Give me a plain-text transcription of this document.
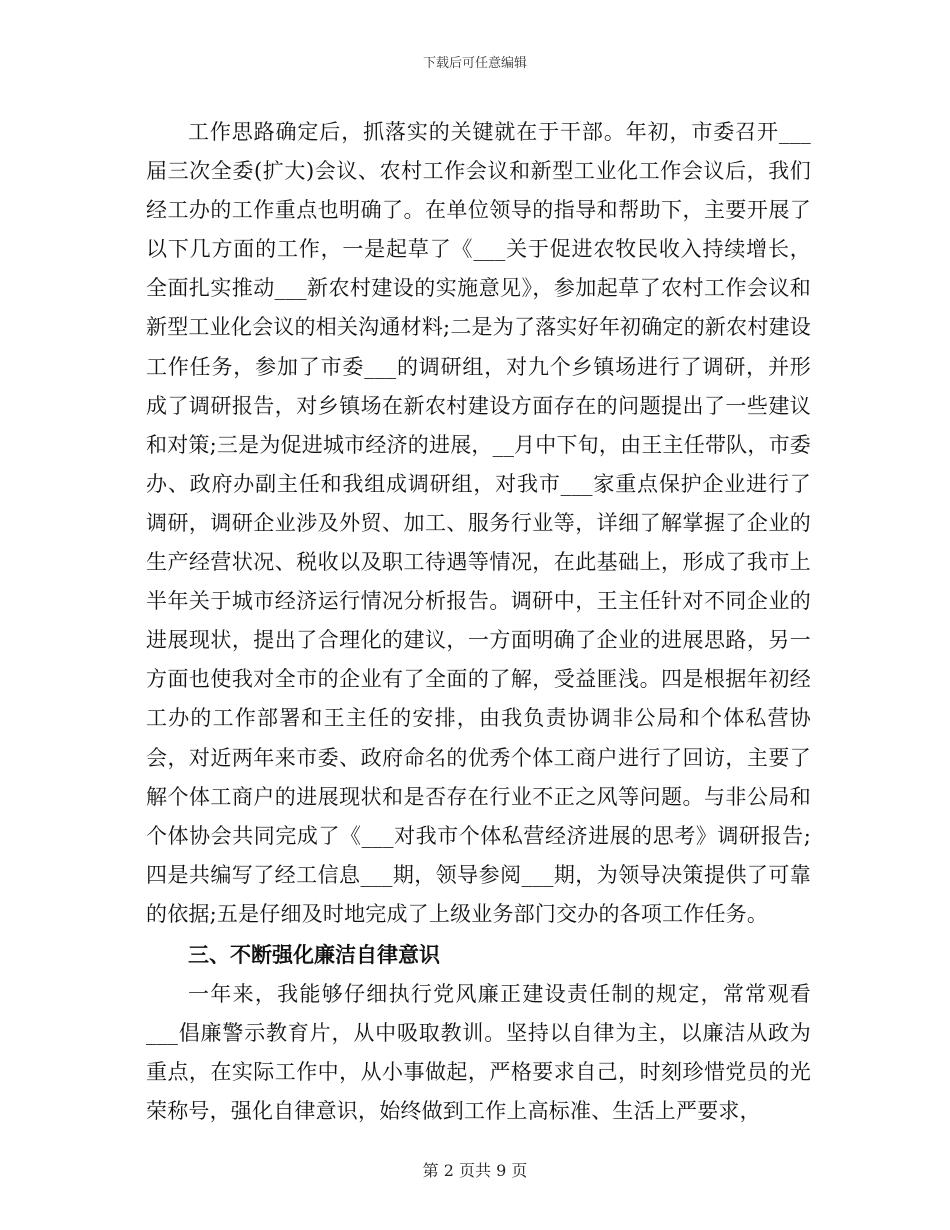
下载后可任意编辑

工作思路确定后，抓落实的关键就在于干部。年初，市委召开___届三次全委(扩大)会议、农村工作会议和新型工业化工作会议后，我们经工办的工作重点也明确了。在单位领导的指导和帮助下，主要开展了以下几方面的工作，一是起草了《___关于促进农牧民收入持续增长，全面扎实推动___新农村建设的实施意见》，参加起草了农村工作会议和新型工业化会议的相关沟通材料;二是为了落实好年初确定的新农村建设工作任务，参加了市委___的调研组，对九个乡镇场进行了调研，并形成了调研报告，对乡镇场在新农村建设方面存在的问题提出了一些建议和对策;三是为促进城市经济的进展，__月中下旬，由王主任带队，市委办、政府办副主任和我组成调研组，对我市___家重点保护企业进行了调研，调研企业涉及外贸、加工、服务行业等，详细了解掌握了企业的生产经营状况、税收以及职工待遇等情况，在此基础上，形成了我市上半年关于城市经济运行情况分析报告。调研中，王主任针对不同企业的进展现状，提出了合理化的建议，一方面明确了企业的进展思路，另一方面也使我对全市的企业有了全面的了解，受益匪浅。四是根据年初经工办的工作部署和王主任的安排，由我负责协调非公局和个体私营协会，对近两年来市委、政府命名的优秀个体工商户进行了回访，主要了解个体工商户的进展现状和是否存在行业不正之风等问题。与非公局和个体协会共同完成了《___对我市个体私营经济进展的思考》调研报告;四是共编写了经工信息___期，领导参阅___期，为领导决策提供了可靠的依据;五是仔细及时地完成了上级业务部门交办的各项工作任务。

三、不断强化廉洁自律意识

一年来，我能够仔细执行党风廉正建设责任制的规定，常常观看___倡廉警示教育片，从中吸取教训。坚持以自律为主，以廉洁从政为重点，在实际工作中，从小事做起，严格要求自己，时刻珍惜党员的光荣称号，强化自律意识，始终做到工作上高标准、生活上严要求，

第 2 页共 9 页
